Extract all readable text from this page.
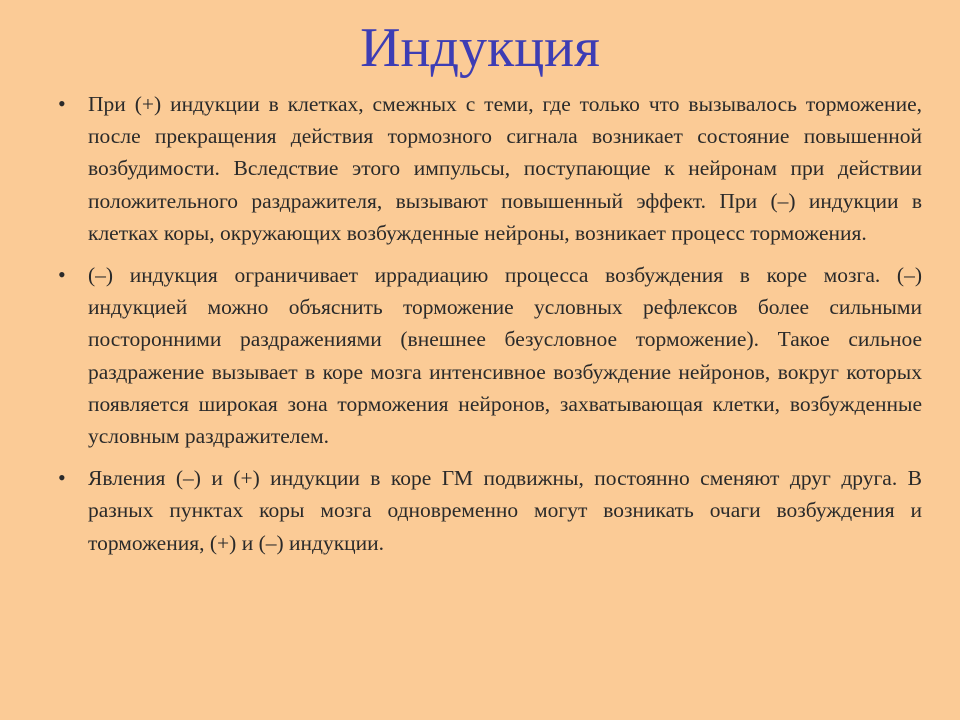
Индукция
•	При (+) индукции в клетках, смежных с теми, где только что вызывалось торможение, после прекращения действия тормозного сигнала возникает состояние повышенной возбудимости. Вследствие этого импульсы, поступающие к нейронам при действии положительного раздражителя, вызывают повышенный эффект. При (–) индукции в клетках коры, окружающих возбужденные нейроны, возникает процесс торможения.
•	(–) индукция ограничивает иррадиацию процесса возбуждения в коре мозга. (–) индукцией можно объяснить торможение условных рефлексов более сильными посторонними раздражениями (внешнее безусловное торможение). Такое сильное раздражение вызывает в коре мозга интенсивное возбуждение нейронов, вокруг которых появляется широкая зона торможения нейронов, захватывающая клетки, возбужденные условным раздражителем.
•	Явления (–) и (+) индукции в коре ГМ подвижны, постоянно сменяют друг друга. В разных пунктах коры мозга одновременно могут возникать очаги возбуждения и торможения, (+) и (–) индукции.
